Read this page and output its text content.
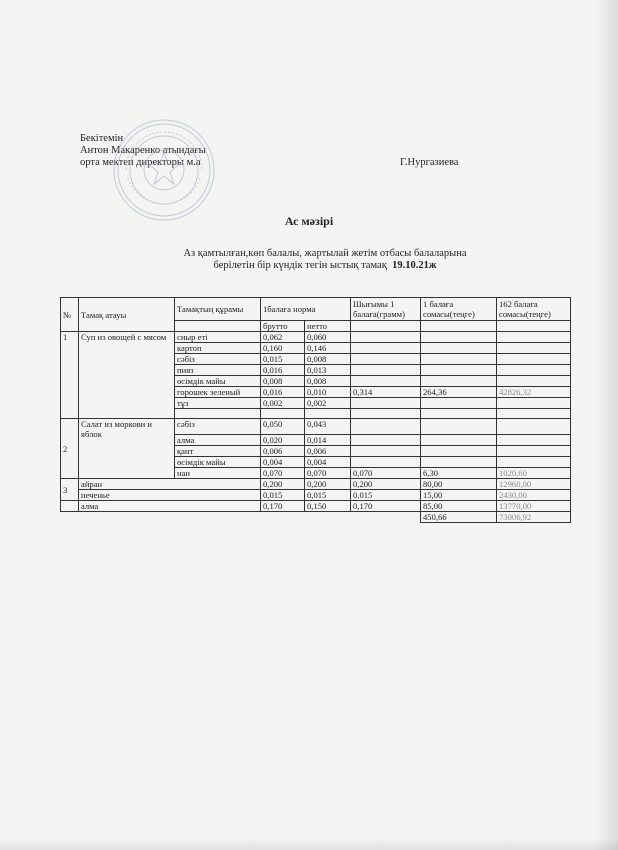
Бекітемін
Антон Макаренко атындағы
орта мектеп директоры м.а	Г.Нургазиева
Ас мәзірі
Аз қамтылған,көп балалы, жартылай жетім отбасы балаларына
берілетін бір күндік тегін ыстық тамақ 19.10.21ж
№	Тамақ атауы	Тамақтың құрамы	1балаға норма		Шығымы 1 балаға(грамм)	1 балаға сомасы(теңге)	162 балаға сомасы(теңге)
			брутто	нетто			
1	Суп из овощей с мясом	сиыр еті	0,062	0,060			
		картоп	0,160	0,146			
		сәбіз	0,015	0,008			
		пияз	0,016	0,013			
		өсімдік майы	0,008	0,008			
		горошек зеленый	0,016	0,010	0,314	264,36	42826,32
		тұз	0,002	0,002			

2	Салат из моркови и яблок	сәбіз	0,050	0,043			
		алма	0,020	0,014			
		қант	0,006	0,006			
		өсімдік майы	0,004	0,004			
		нан	0,070	0,070	0,070	6,30	1020,60
3	айран		0,200	0,200	0,200	80,00	12960,00
	печенье		0,015	0,015	0,015	15,00	2430,00
	алма		0,170	0,150	0,170	85,00	13770,00
						450,66	73006,92
